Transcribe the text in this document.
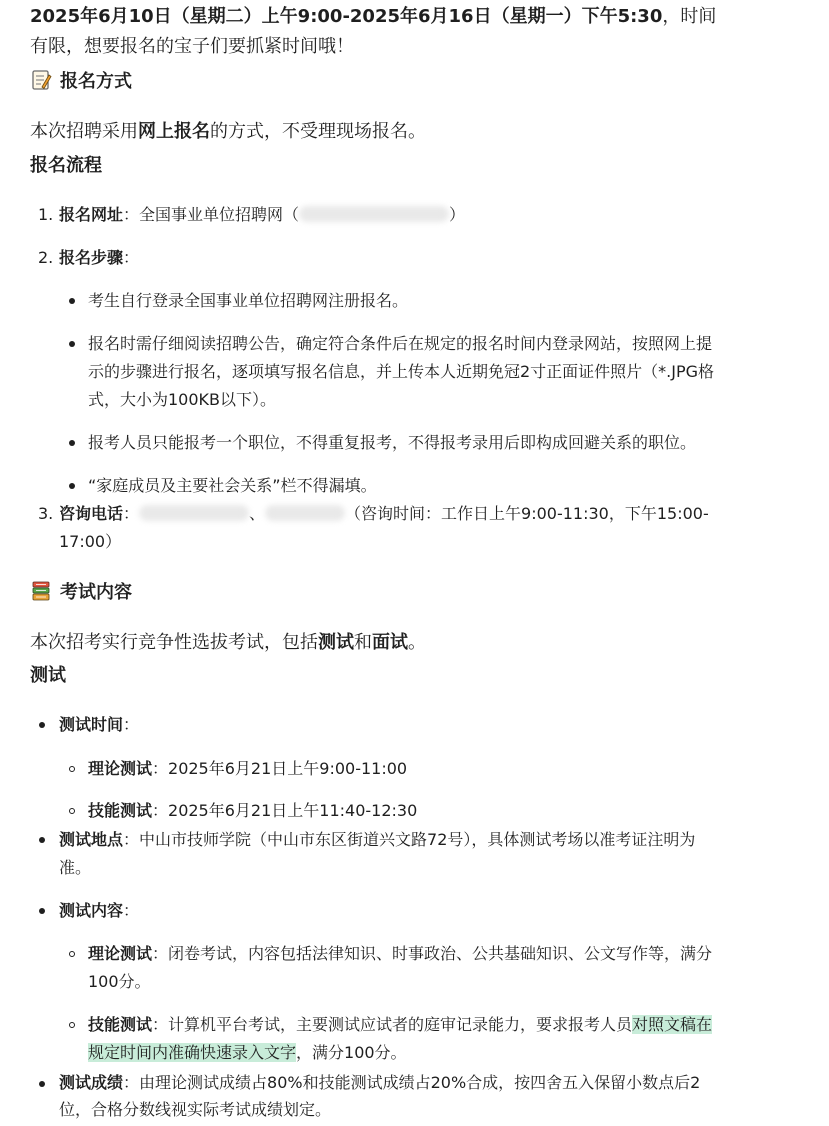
2025年6月10日（星期二）上午9:00-2025年6月16日（星期一）下午5:30，时间
有限，想要报名的宝子们要抓紧时间哦！
报名方式
本次招聘采用网上报名的方式，不受理现场报名。
报名流程
1. 报名网址：全国事业单位招聘网（	）
2. 报名步骤：
考生自行登录全国事业单位招聘网注册报名。
报名时需仔细阅读招聘公告，确定符合条件后在规定的报名时间内登录网站，按照网上提
示的步骤进行报名，逐项填写报名信息，并上传本人近期免冠2寸正面证件照片（*.JPG格
式，大小为100KB以下）。
报考人员只能报考一个职位，不得重复报考，不得报考录用后即构成回避关系的职位。
“家庭成员及主要社会关系”栏不得漏填。
3. 咨询电话：	、	（咨询时间：工作日上午9:00-11:30，下午15:00-
17:00）
考试内容
本次招考实行竞争性选拔考试，包括测试和面试。
测试
测试时间：
理论测试：2025年6月21日上午9:00-11:00
技能测试：2025年6月21日上午11:40-12:30
测试地点：中山市技师学院（中山市东区街道兴文路72号），具体测试考场以准考证注明为
准。
测试内容：
理论测试：闭卷考试，内容包括法律知识、时事政治、公共基础知识、公文写作等，满分
100分。
技能测试：计算机平台考试，主要测试应试者的庭审记录能力，要求报考人员对照文稿在
规定时间内准确快速录入文字，满分100分。
测试成绩：由理论测试成绩占80%和技能测试成绩占20%合成，按四舍五入保留小数点后2
位，合格分数线视实际考试成绩划定。
